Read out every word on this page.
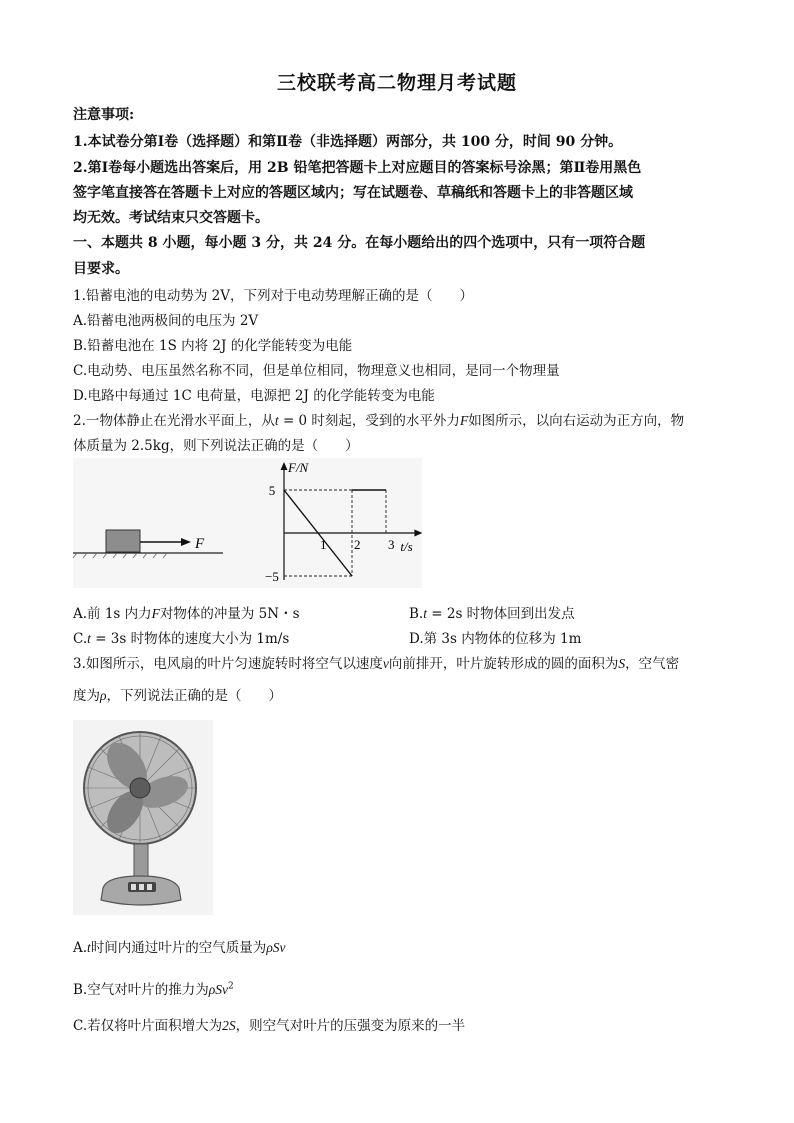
三校联考高二物理月考试题
注意事项:
1.本试卷分第Ⅰ卷（选择题）和第Ⅱ卷（非选择题）两部分，共 100 分，时间 90 分钟。
2.第Ⅰ卷每小题选出答案后，用 2B 铅笔把答题卡上对应题目的答案标号涂黑；第Ⅱ卷用黑色
签字笔直接答在答题卡上对应的答题区域内；写在试题卷、草稿纸和答题卡上的非答题区域
均无效。考试结束只交答题卡。
一、本题共 8 小题，每小题 3 分，共 24 分。在每小题给出的四个选项中，只有一项符合题
目要求。
1.铅蓄电池的电动势为 2V，下列对于电动势理解正确的是（　　）
A.铅蓄电池两极间的电压为 2V
B.铅蓄电池在 1S 内将 2J 的化学能转变为电能
C.电动势、电压虽然名称不同，但是单位相同，物理意义也相同，是同一个物理量
D.电路中每通过 1C 电荷量，电源把 2J 的化学能转变为电能
2.一物体静止在光滑水平面上，从t = 0 时刻起，受到的水平外力F如图所示，以向右运动为正方向，物
体质量为 2.5kg，则下列说法正确的是（　　）
F
F/N
t/s
1 2 3
5
−5
A.前 1s 内力F对物体的冲量为 5N・s	B.t = 2s 时物体回到出发点
C.t = 3s 时物体的速度大小为 1m/s	D.第 3s 内物体的位移为 1m
3.如图所示，电风扇的叶片匀速旋转时将空气以速度v向前排开，叶片旋转形成的圆的面积为S，空气密
度为ρ，下列说法正确的是（　　）
A.t时间内通过叶片的空气质量为ρSv
B.空气对叶片的推力为ρSv$^2$
C.若仅将叶片面积增大为2S，则空气对叶片的压强变为原来的一半
